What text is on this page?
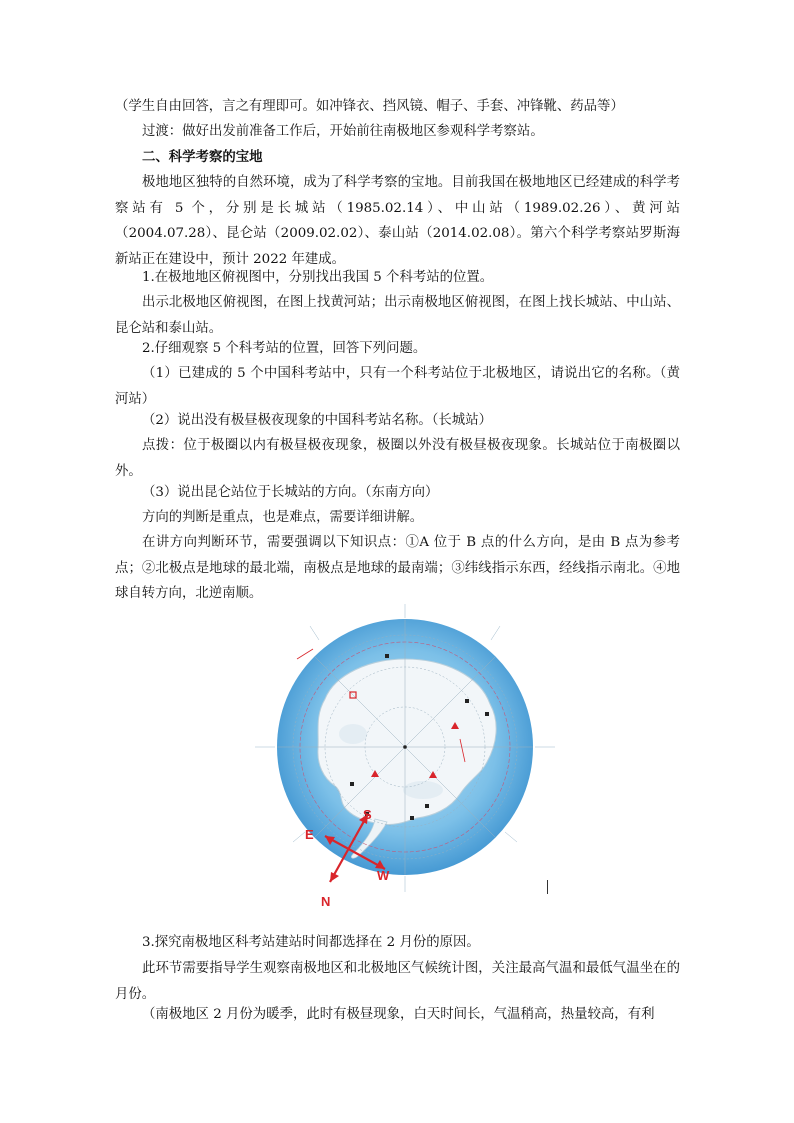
（学生自由回答，言之有理即可。如冲锋衣、挡风镜、帽子、手套、冲锋靴、药品等）
过渡：做好出发前准备工作后，开始前往南极地区参观科学考察站。
二、科学考察的宝地
极地地区独特的自然环境，成为了科学考察的宝地。目前我国在极地地区已经建成的科学考察站有 5 个，分别是长城站（1985.02.14）、中山站（1989.02.26）、黄河站（2004.07.28）、昆仑站（2009.02.02）、泰山站（2014.02.08）。第六个科学考察站罗斯海新站正在建设中，预计 2022 年建成。
1.在极地地区俯视图中，分别找出我国 5 个科考站的位置。
出示北极地区俯视图，在图上找黄河站；出示南极地区俯视图，在图上找长城站、中山站、昆仑站和泰山站。
2.仔细观察 5 个科考站的位置，回答下列问题。
（1）已建成的 5 个中国科考站中，只有一个科考站位于北极地区，请说出它的名称。（黄河站）
（2）说出没有极昼极夜现象的中国科考站名称。（长城站）
点拨：位于极圈以内有极昼极夜现象，极圈以外没有极昼极夜现象。长城站位于南极圈以外。
（3）说出昆仑站位于长城站的方向。（东南方向）
方向的判断是重点，也是难点，需要详细讲解。
在讲方向判断环节，需要强调以下知识点：①A 位于 B 点的什么方向，是由 B 点为参考点；②北极点是地球的最北端，南极点是地球的最南端；③纬线指示东西，经线指示南北。④地球自转方向，北逆南顺。
S
E
N
W
3.探究南极地区科考站建站时间都选择在 2 月份的原因。
此环节需要指导学生观察南极地区和北极地区气候统计图，关注最高气温和最低气温坐在的月份。
（南极地区 2 月份为暖季，此时有极昼现象，白天时间长，气温稍高，热量较高，有利
